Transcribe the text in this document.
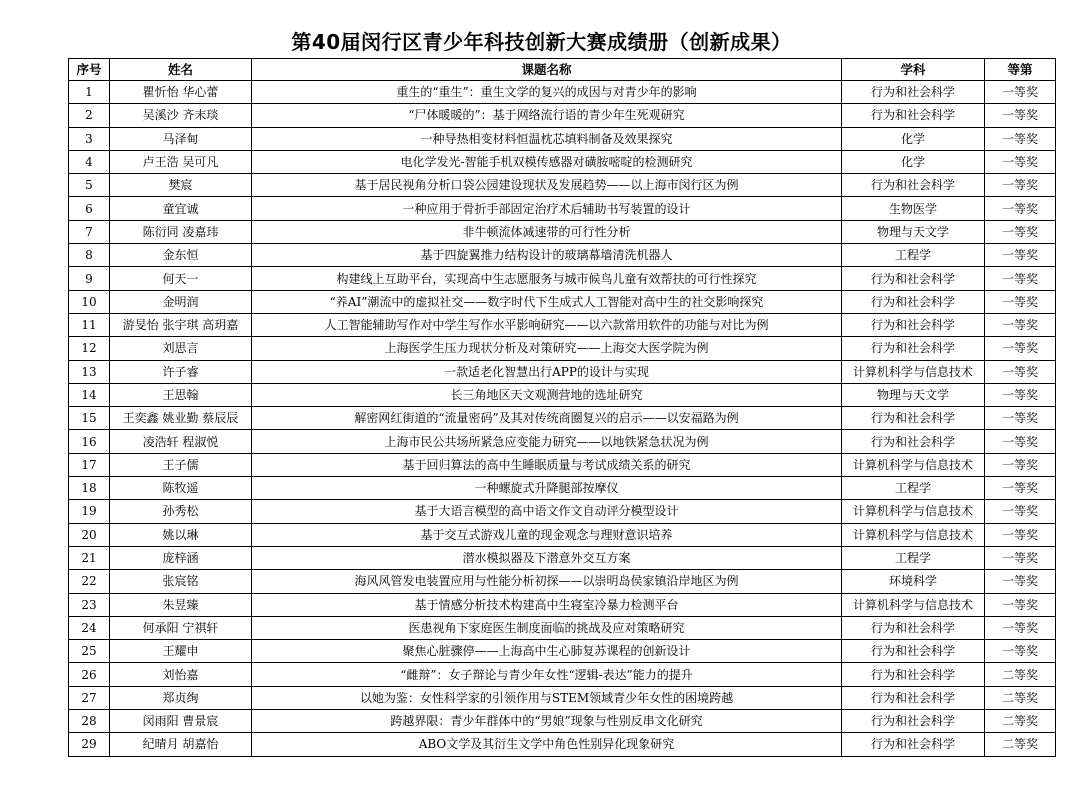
第40届闵行区青少年科技创新大赛成绩册（创新成果）
序号	姓名	课题名称	学科	等第
1	瞿忻怡 华心蕾	重生的“重生”：重生文学的复兴的成因与对青少年的影响	行为和社会科学	一等奖
2	吴溪沙 齐末琰	“尸体暖暖的”：基于网络流行语的青少年生死观研究	行为和社会科学	一等奖
3	马泽甸	一种导热相变材料恒温枕芯填料制备及效果探究	化学	一等奖
4	卢王浩 吴可凡	电化学发光-智能手机双模传感器对磺胺嘧啶的检测研究	化学	一等奖
5	樊宸	基于居民视角分析口袋公园建设现状及发展趋势——以上海市闵行区为例	行为和社会科学	一等奖
6	童宜诚	一种应用于骨折手部固定治疗术后辅助书写装置的设计	生物医学	一等奖
7	陈衍同 凌嘉玮	非牛顿流体减速带的可行性分析	物理与天文学	一等奖
8	金东恒	基于四旋翼推力结构设计的玻璃幕墙清洗机器人	工程学	一等奖
9	何天一	构建线上互助平台，实现高中生志愿服务与城市候鸟儿童有效帮扶的可行性探究	行为和社会科学	一等奖
10	金明润	“养AI”潮流中的虚拟社交——数字时代下生成式人工智能对高中生的社交影响探究	行为和社会科学	一等奖
11	游旻怡 张宇琪 高玥嘉	人工智能辅助写作对中学生写作水平影响研究——以六款常用软件的功能与对比为例	行为和社会科学	一等奖
12	刘思言	上海医学生压力现状分析及对策研究——上海交大医学院为例	行为和社会科学	一等奖
13	许子睿	一款适老化智慧出行APP的设计与实现	计算机科学与信息技术	一等奖
14	王思翰	长三角地区天文观测营地的选址研究	物理与天文学	一等奖
15	王奕鑫 姚业勤 蔡辰辰	解密网红街道的“流量密码”及其对传统商圈复兴的启示——以安福路为例	行为和社会科学	一等奖
16	凌浩轩 程淑悦	上海市民公共场所紧急应变能力研究——以地铁紧急状况为例	行为和社会科学	一等奖
17	王子儒	基于回归算法的高中生睡眠质量与考试成绩关系的研究	计算机科学与信息技术	一等奖
18	陈牧遥	一种螺旋式升降腿部按摩仪	工程学	一等奖
19	孙秀松	基于大语言模型的高中语文作文自动评分模型设计	计算机科学与信息技术	一等奖
20	姚以琳	基于交互式游戏儿童的现金观念与理财意识培养	计算机科学与信息技术	一等奖
21	庞梓涵	潜水模拟器及下潜意外交互方案	工程学	一等奖
22	张宸铭	海风风管发电装置应用与性能分析初探——以崇明岛侯家镇沿岸地区为例	环境科学	一等奖
23	朱昱臻	基于情感分析技术构建高中生寝室冷暴力检测平台	计算机科学与信息技术	一等奖
24	何承阳 宁祺轩	医患视角下家庭医生制度面临的挑战及应对策略研究	行为和社会科学	一等奖
25	王耀申	聚焦心脏骤停——上海高中生心肺复苏课程的创新设计	行为和社会科学	一等奖
26	刘怡嘉	“雌辩”：女子辩论与青少年女性“逻辑-表达”能力的提升	行为和社会科学	二等奖
27	郑贞绚	以她为鉴：女性科学家的引领作用与STEM领域青少年女性的困境跨越	行为和社会科学	二等奖
28	闵雨阳 曹景宸	跨越界限：青少年群体中的“男娘”现象与性别反串文化研究	行为和社会科学	二等奖
29	纪晴月 胡嘉怡	ABO文学及其衍生文学中角色性别异化现象研究	行为和社会科学	二等奖
